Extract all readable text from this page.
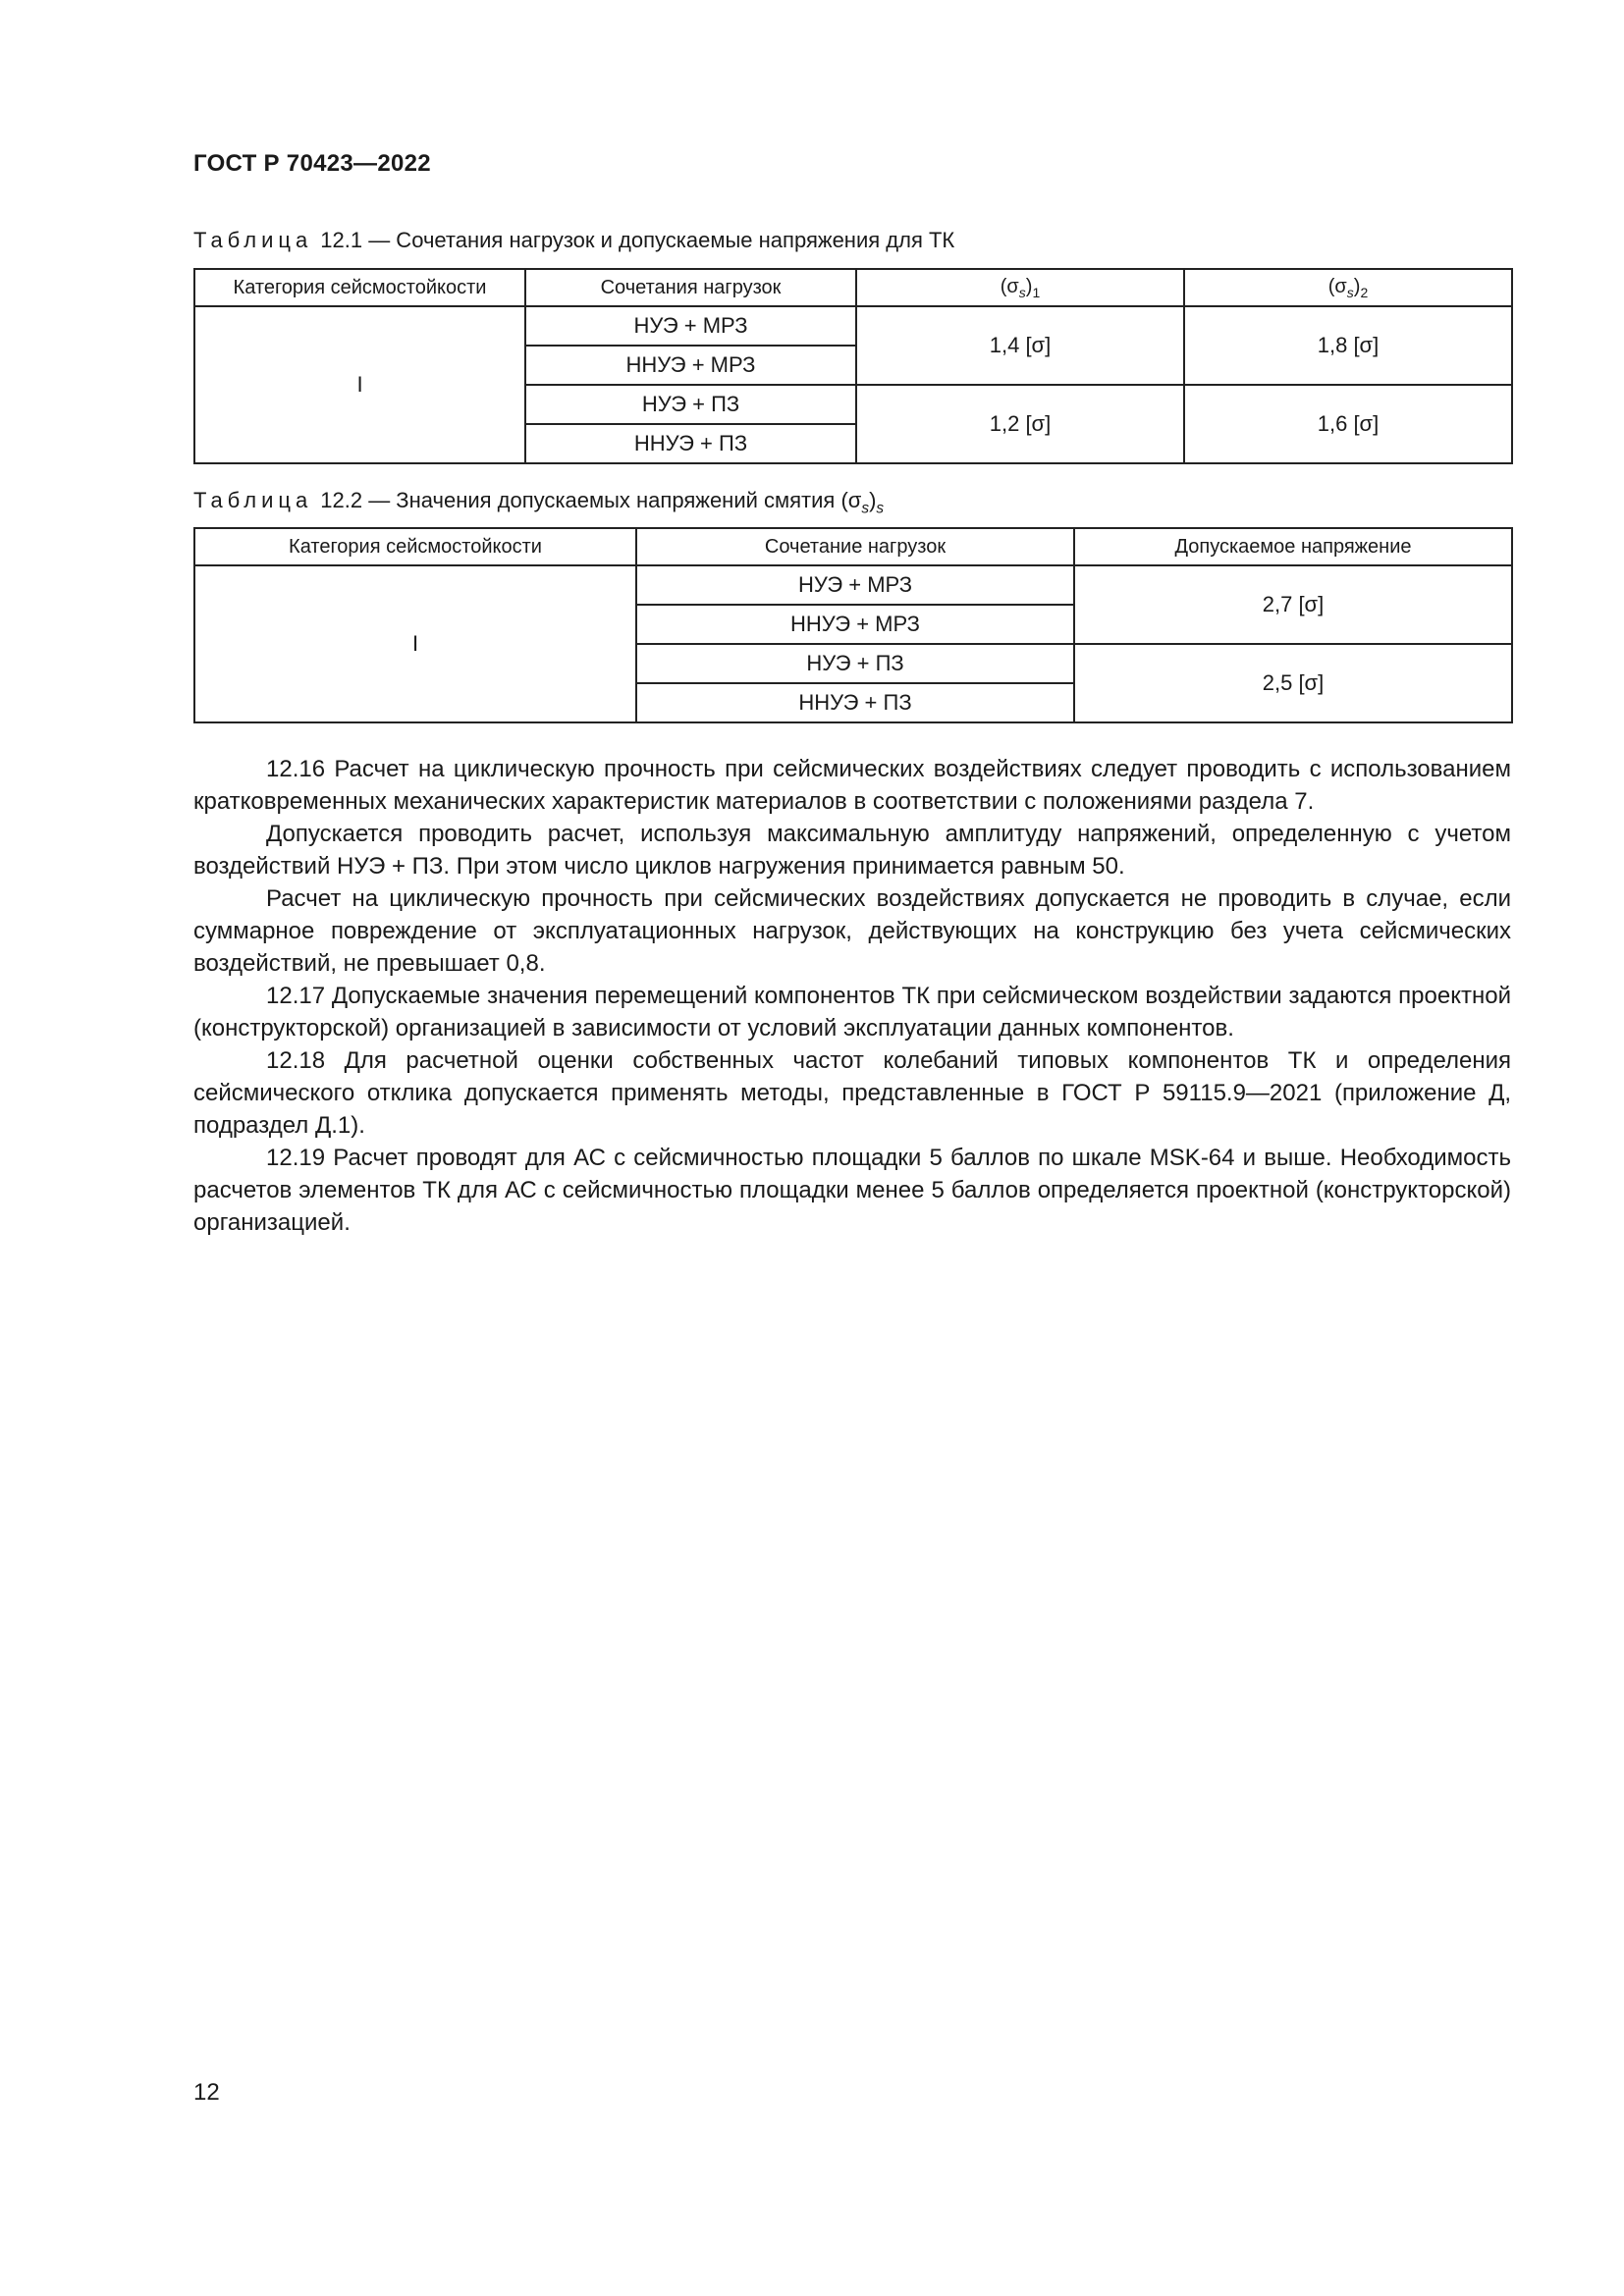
ГОСТ Р 70423—2022
Таблица 12.1 — Сочетания нагрузок и допускаемые напряжения для ТК
Категория сейсмостойкости	Сочетания нагрузок	$(\sigma_s)_1$	$(\sigma_s)_2$
I	НУЭ + МРЗ	1,4 [σ]	1,8 [σ]
	ННУЭ + МРЗ		
	НУЭ + ПЗ	1,2 [σ]	1,6 [σ]
	ННУЭ + ПЗ		
Таблица 12.2 — Значения допускаемых напряжений смятия $(\sigma_s)_s$
Категория сейсмостойкости	Сочетание нагрузок	Допускаемое напряжение
I	НУЭ + МРЗ	2,7 [σ]
	ННУЭ + МРЗ	
	НУЭ + ПЗ	2,5 [σ]
	ННУЭ + ПЗ	

12.16 Расчет на циклическую прочность при сейсмических воздействиях следует проводить с использованием кратковременных механических характеристик материалов в соответствии с положениями раздела 7.

Допускается проводить расчет, используя максимальную амплитуду напряжений, определенную с учетом воздействий НУЭ + ПЗ. При этом число циклов нагружения принимается равным 50.

Расчет на циклическую прочность при сейсмических воздействиях допускается не проводить в случае, если суммарное повреждение от эксплуатационных нагрузок, действующих на конструкцию без учета сейсмических воздействий, не превышает 0,8.

12.17 Допускаемые значения перемещений компонентов ТК при сейсмическом воздействии задаются проектной (конструкторской) организацией в зависимости от условий эксплуатации данных компонентов.

12.18 Для расчетной оценки собственных частот колебаний типовых компонентов ТК и определения сейсмического отклика допускается применять методы, представленные в ГОСТ Р 59115.9—2021 (приложение Д, подраздел Д.1).

12.19 Расчет проводят для АС с сейсмичностью площадки 5 баллов по шкале MSK-64 и выше. Необходимость расчетов элементов ТК для АС с сейсмичностью площадки менее 5 баллов определяется проектной (конструкторской) организацией.

12
